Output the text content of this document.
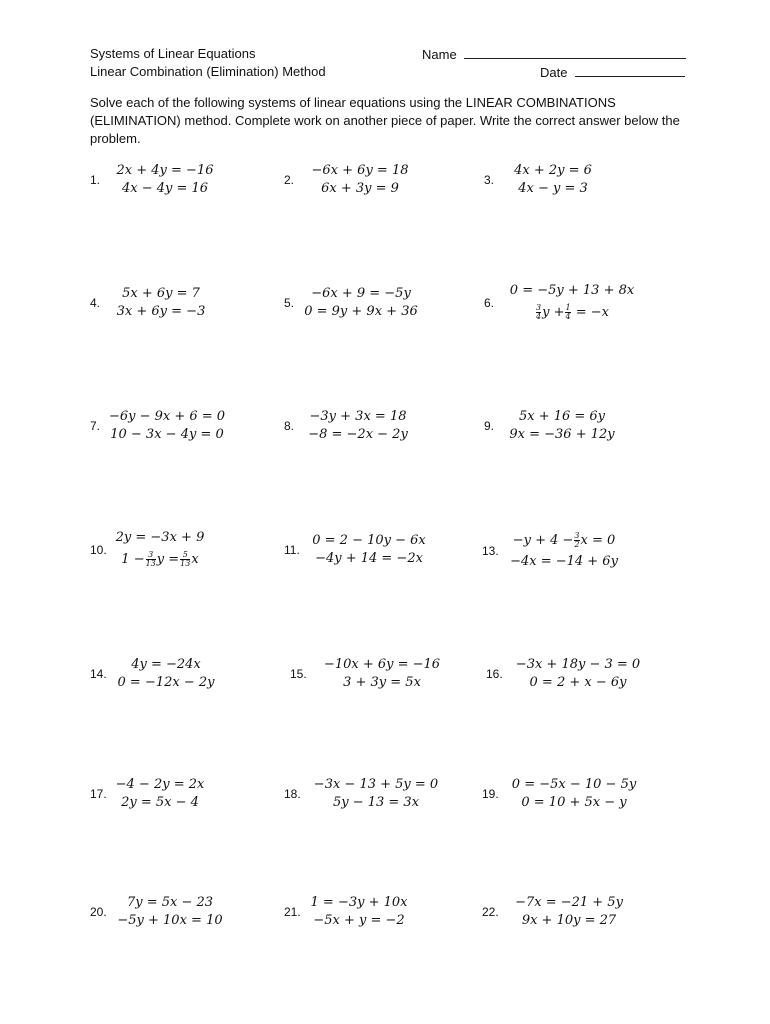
Systems of Linear Equations
Linear Combination (Elimination) Method
Name
Date
Solve each of the following systems of linear equations using the LINEAR COMBINATIONS (ELIMINATION) method. Complete work on another piece of paper. Write the correct answer below the problem.
1.
2x + 4y = −16
4x − 4y = 16
2.
−6x + 6y = 18
6x + 3y = 9
3.
4x + 2y = 6
4x − y = 3
4.
5x + 6y = 7
3x + 6y = −3
5.
−6x + 9 = −5y
0 = 9y + 9x + 36
6.
0 = −5y + 13 + 8x
$\frac{3}{4}$ $y + \frac{1}{4} = -x$
7.
−6y − 9x + 6 = 0
10 − 3x − 4y = 0
8.
−3y + 3x = 18
−8 = −2x − 2y
9.
5x + 16 = 6y
9x = −36 + 12y
10.
2y = −3x + 9
$1 - \frac{3}{13}$ $y = \frac{5}{13}$ x
11.
0 = 2 − 10y − 6x
−4y + 14 = −2x	13.
$-y + 4 - \frac{3}{2}$ x = 0
−4x = −14 + 6y
14.
4y = −24x
0 = −12x − 2y
15.
−10x + 6y = −16
3 + 3y = 5x
16.
−3x + 18y − 3 = 0
0 = 2 + x − 6y
17.
−4 − 2y = 2x
2y = 5x − 4
18.
−3x − 13 + 5y = 0
5y − 13 = 3x
19.
0 = −5x − 10 − 5y
0 = 10 + 5x − y
20.
7y = 5x − 23
−5y + 10x = 10
21.
1 = −3y + 10x
−5x + y = −2
22.
−7x = −21 + 5y
9x + 10y = 27
